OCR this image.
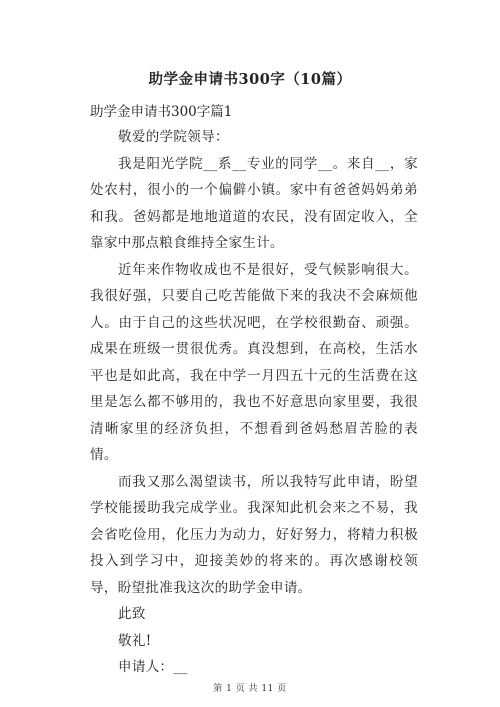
助学金申请书300字（10篇）
助学金申请书300字篇1

敬爱的学院领导：

我是阳光学院__系__专业的同学__。来自__，家处农村，很小的一个偏僻小镇。家中有爸爸妈妈弟弟和我。爸妈都是地地道道的农民，没有固定收入，全靠家中那点粮食维持全家生计。

近年来作物收成也不是很好，受气候影响很大。我很好强，只要自己吃苦能做下来的我决不会麻烦他人。由于自己的这些状况吧，在学校很勤奋、顽强。成果在班级一贯很优秀。真没想到，在高校，生活水平也是如此高，我在中学一月四五十元的生活费在这里是怎么都不够用的，我也不好意思向家里要，我很清晰家里的经济负担，不想看到爸妈愁眉苦脸的表情。

而我又那么渴望读书，所以我特写此申请，盼望学校能援助我完成学业。我深知此机会来之不易，我会省吃俭用，化压力为动力，好好努力，将精力积极投入到学习中，迎接美妙的将来的。再次感谢校领导，盼望批准我这次的助学金申请。

此致

敬礼!

申请人：__

第 1 页 共 11 页
